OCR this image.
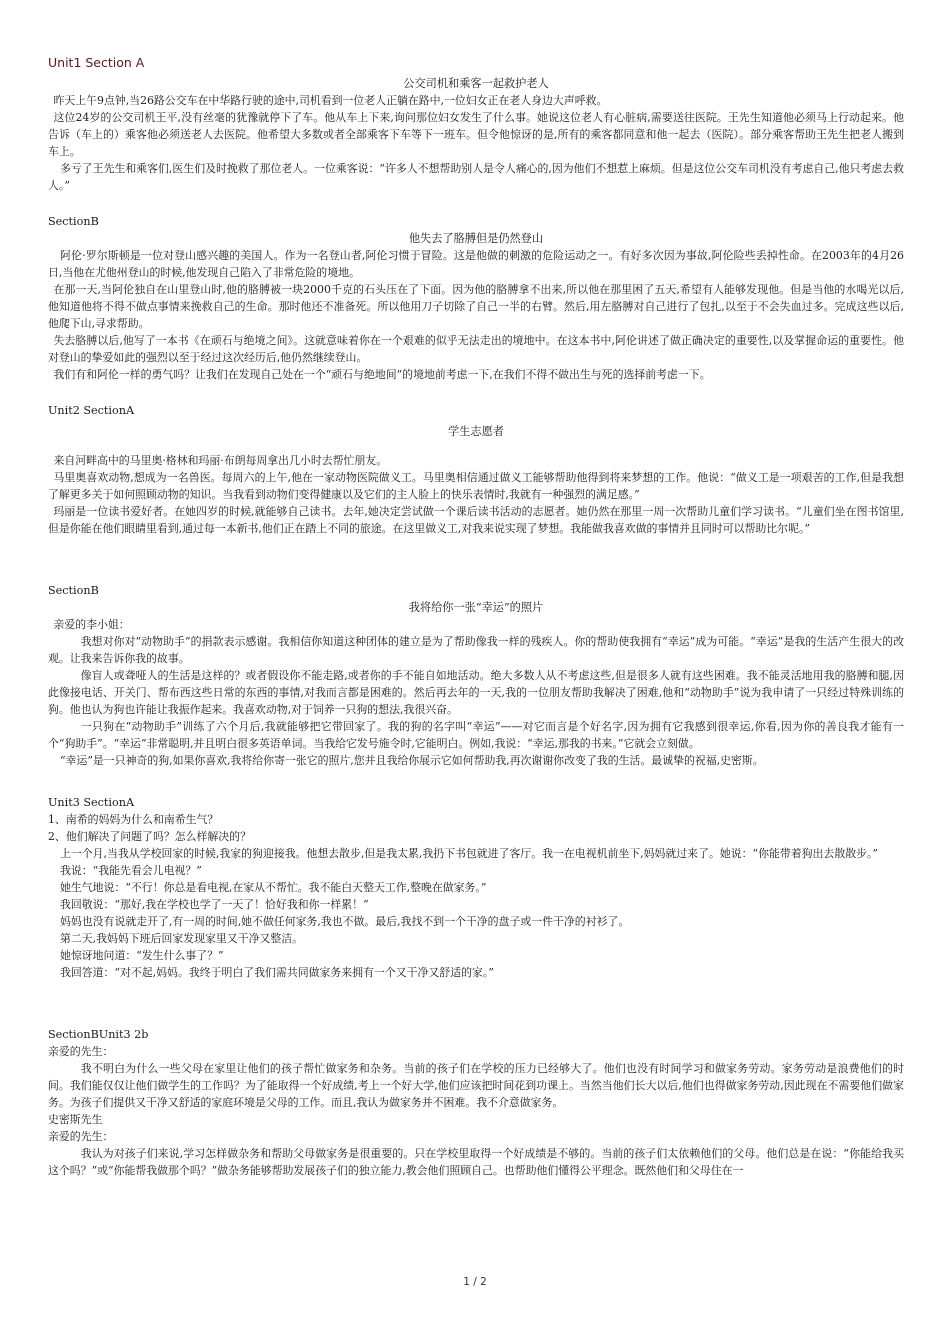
Unit1 Section A
公交司机和乘客一起救护老人

昨天上午9点钟,当26路公交车在中华路行驶的途中,司机看到一位老人正躺在路中,一位妇女正在老人身边大声呼救。

这位24岁的公交司机王平,没有丝毫的犹豫就停下了车。他从车上下来,询问那位妇女发生了什么事。她说这位老人有心脏病,需要送往医院。王先生知道他必须马上行动起来。他告诉（车上的）乘客他必须送老人去医院。他希望大多数或者全部乘客下车等下一班车。但令他惊讶的是,所有的乘客都同意和他一起去（医院）。部分乘客帮助王先生把老人搬到车上。

多亏了王先生和乘客们,医生们及时挽救了那位老人。一位乘客说：“许多人不想帮助别人是令人痛心的,因为他们不想惹上麻烦。但是这位公交车司机没有考虑自己,他只考虑去救人。”

SectionB
他失去了胳膊但是仍然登山

阿伦·罗尔斯顿是一位对登山感兴趣的美国人。作为一名登山者,阿伦习惯于冒险。这是他做的刺激的危险运动之一。有好多次因为事故,阿伦险些丢掉性命。在2003年的4月26日,当他在尤他州登山的时候,他发现自己陷入了非常危险的境地。

在那一天,当阿伦独自在山里登山时,他的胳膊被一块2000千克的石头压在了下面。因为他的胳膊拿不出来,所以他在那里困了五天,希望有人能够发现他。但是当他的水喝光以后,他知道他将不得不做点事情来挽救自己的生命。那时他还不准备死。所以他用刀子切除了自己一半的右臂。然后,用左胳膊对自己进行了包扎,以至于不会失血过多。完成这些以后,他爬下山,寻求帮助。

失去胳膊以后,他写了一本书《在顽石与绝境之间》。这就意味着你在一个艰难的似乎无法走出的境地中。在这本书中,阿伦讲述了做正确决定的重要性,以及掌握命运的重要性。他对登山的挚爱如此的强烈以至于经过这次经历后,他仍然继续登山。

我们有和阿伦一样的勇气吗？让我们在发现自己处在一个“顽石与绝地间”的境地前考虑一下,在我们不得不做出生与死的选择前考虑一下。

Unit2 SectionA
学生志愿者

来自河畔高中的马里奥·格林和玛丽·布朗每周拿出几小时去帮忙朋友。

马里奥喜欢动物,想成为一名兽医。每周六的上午,他在一家动物医院做义工。马里奥相信通过做义工能够帮助他得到将来梦想的工作。他说：“做义工是一项艰苦的工作,但是我想了解更多关于如何照顾动物的知识。当我看到动物们变得健康以及它们的主人脸上的快乐表情时,我就有一种强烈的满足感。”

玛丽是一位读书爱好者。在她四岁的时候,就能够自己读书。去年,她决定尝试做一个课后读书活动的志愿者。她仍然在那里一周一次帮助儿童们学习读书。“儿童们坐在图书馆里,但是你能在他们眼睛里看到,通过每一本新书,他们正在踏上不同的旅途。在这里做义工,对我来说实现了梦想。我能做我喜欢做的事情并且同时可以帮助比尔呢。”

SectionB
我将给你一张“幸运”的照片

亲爱的李小姐：

我想对你对“动物助手”的捐款表示感谢。我相信你知道这种团体的建立是为了帮助像我一样的残疾人。你的帮助使我拥有“幸运”成为可能。“幸运”是我的生活产生很大的改观。让我来告诉你我的故事。

像盲人或聋哑人的生活是这样的？或者假设你不能走路,或者你的手不能自如地活动。绝大多数人从不考虑这些,但是很多人就有这些困难。我不能灵活地用我的胳膊和腿,因此像接电话、开关门、帮布西这些日常的东西的事情,对我而言都是困难的。然后再去年的一天,我的一位朋友帮助我解决了困难,他和“动物助手”说为我申请了一只经过特殊训练的狗。他也认为狗也许能让我振作起来。我喜欢动物,对于饲养一只狗的想法,我很兴奋。

一只狗在“动物助手”训练了六个月后,我就能够把它带回家了。我的狗的名字叫“幸运”——对它而言是个好名字,因为拥有它我感到很幸运,你看,因为你的善良我才能有一个“狗助手”。“幸运”非常聪明,并且明白很多英语单词。当我给它发号施令时,它能明白。例如,我说：“幸运,那我的书来。”它就会立刻做。

“幸运”是一只神奇的狗,如果你喜欢,我将给你寄一张它的照片,您并且我给你展示它如何帮助我,再次谢谢你改变了我的生活。最诚挚的祝福,史密斯。

Unit3 SectionA

1、南希的妈妈为什么和南希生气？

2、他们解决了问题了吗？怎么样解决的？

上一个月,当我从学校回家的时候,我家的狗迎接我。他想去散步,但是我太累,我扔下书包就进了客厅。我一在电视机前坐下,妈妈就过来了。她说：“你能带着狗出去散散步。”

我说：“我能先看会儿电视？”

她生气地说：“不行！你总是看电视,在家从不帮忙。我不能白天整天工作,整晚在做家务。”

我回敬说：“那好,我在学校也学了一天了！恰好我和你一样累！”

妈妈也没有说就走开了,有一周的时间,她不做任何家务,我也不做。最后,我找不到一个干净的盘子或一件干净的衬衫了。

第二天,我妈妈下班后回家发现家里又干净又整洁。

她惊讶地问道：“发生什么事了？”

我回答道：“对不起,妈妈。我终于明白了我们需共同做家务来拥有一个又干净又舒适的家。”

SectionBUnit3 2b

亲爱的先生：

我不明白为什么一些父母在家里让他们的孩子帮忙做家务和杂务。当前的孩子们在学校的压力已经够大了。他们也没有时间学习和做家务劳动。家务劳动是浪费他们的时间。我们能仅仅让他们做学生的工作吗？为了能取得一个好成绩,考上一个好大学,他们应该把时间花到功课上。当然当他们长大以后,他们也得做家务劳动,因此现在不需要他们做家务。为孩子们提供又干净又舒适的家庭环境是父母的工作。而且,我认为做家务并不困难。我不介意做家务。

史密斯先生

亲爱的先生：

我认为对孩子们来说,学习怎样做杂务和帮助父母做家务是很重要的。只在学校里取得一个好成绩是不够的。当前的孩子们太依赖他们的父母。他们总是在说：“你能给我买这个吗？”或“你能帮我做那个吗？”做杂务能够帮助发展孩子们的独立能力,教会他们照顾自己。也帮助他们懂得公平理念。既然他们和父母住在一

1 / 2
